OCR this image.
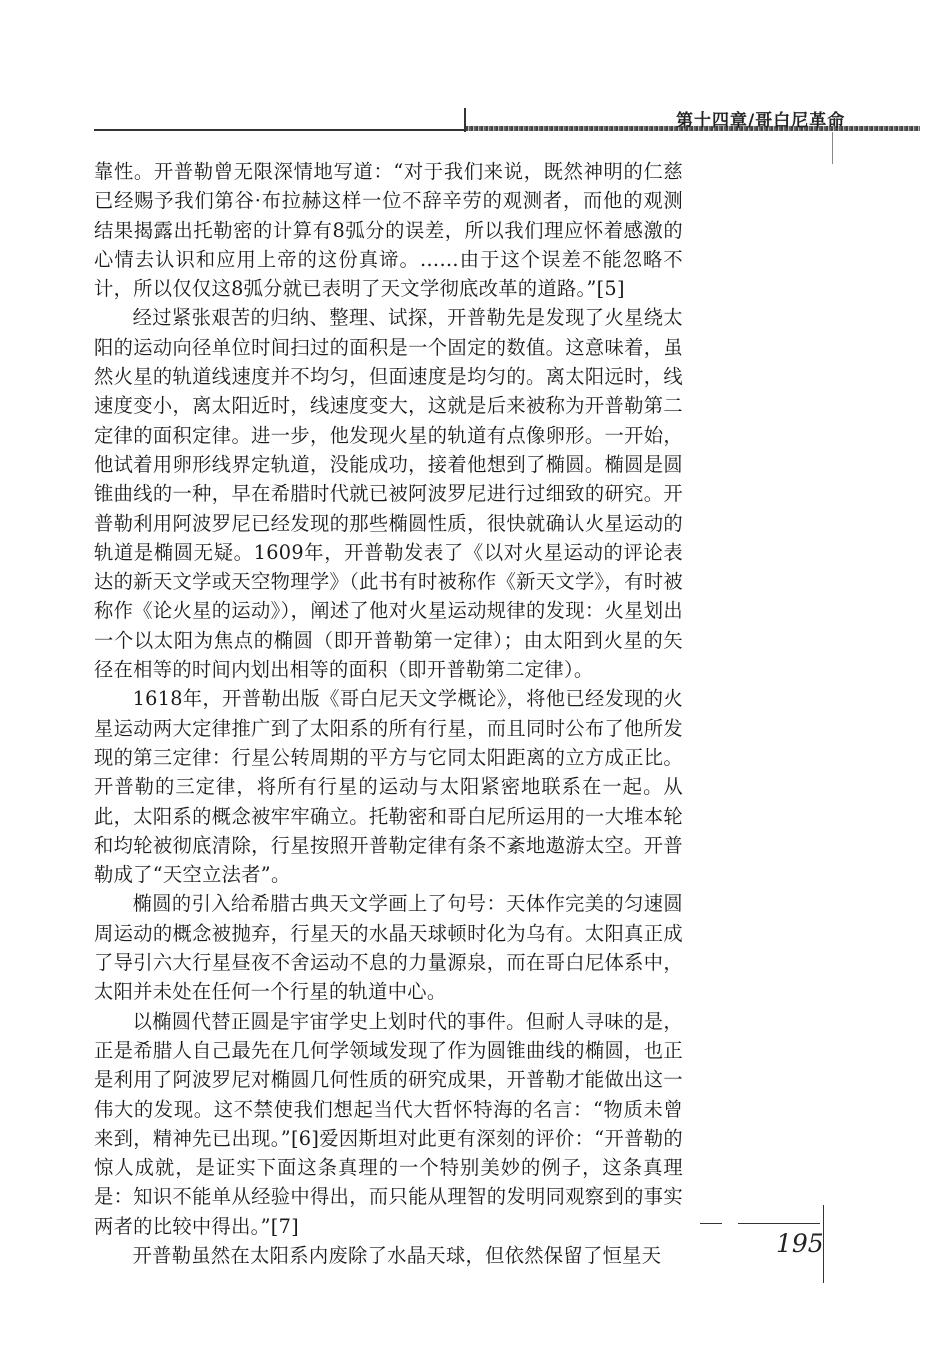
第十四章/哥白尼革命

靠性。开普勒曾无限深情地写道：“对于我们来说，既然神明的仁慈已经赐予我们第谷·布拉赫这样一位不辞辛劳的观测者，而他的观测结果揭露出托勒密的计算有8弧分的误差，所以我们理应怀着感激的心情去认识和应用上帝的这份真谛。……由于这个误差不能忽略不计，所以仅仅这8弧分就已表明了天文学彻底改革的道路。”[5]

经过紧张艰苦的归纳、整理、试探，开普勒先是发现了火星绕太阳的运动向径单位时间扫过的面积是一个固定的数值。这意味着，虽然火星的轨道线速度并不均匀，但面速度是均匀的。离太阳远时，线速度变小，离太阳近时，线速度变大，这就是后来被称为开普勒第二定律的面积定律。进一步，他发现火星的轨道有点像卵形。一开始，他试着用卵形线界定轨道，没能成功，接着他想到了椭圆。椭圆是圆锥曲线的一种，早在希腊时代就已被阿波罗尼进行过细致的研究。开普勒利用阿波罗尼已经发现的那些椭圆性质，很快就确认火星运动的轨道是椭圆无疑。1609年，开普勒发表了《以对火星运动的评论表达的新天文学或天空物理学》（此书有时被称作《新天文学》，有时被称作《论火星的运动》），阐述了他对火星运动规律的发现：火星划出一个以太阳为焦点的椭圆（即开普勒第一定律）；由太阳到火星的矢径在相等的时间内划出相等的面积（即开普勒第二定律）。

1618年，开普勒出版《哥白尼天文学概论》，将他已经发现的火星运动两大定律推广到了太阳系的所有行星，而且同时公布了他所发现的第三定律：行星公转周期的平方与它同太阳距离的立方成正比。开普勒的三定律，将所有行星的运动与太阳紧密地联系在一起。从此，太阳系的概念被牢牢确立。托勒密和哥白尼所运用的一大堆本轮和均轮被彻底清除，行星按照开普勒定律有条不紊地遨游太空。开普勒成了“天空立法者”。

椭圆的引入给希腊古典天文学画上了句号：天体作完美的匀速圆周运动的概念被抛弃，行星天的水晶天球顿时化为乌有。太阳真正成了导引六大行星昼夜不舍运动不息的力量源泉，而在哥白尼体系中，太阳并未处在任何一个行星的轨道中心。

以椭圆代替正圆是宇宙学史上划时代的事件。但耐人寻味的是，正是希腊人自己最先在几何学领域发现了作为圆锥曲线的椭圆，也正是利用了阿波罗尼对椭圆几何性质的研究成果，开普勒才能做出这一伟大的发现。这不禁使我们想起当代大哲怀特海的名言：“物质未曾来到，精神先已出现。”[6]爱因斯坦对此更有深刻的评价：“开普勒的惊人成就，是证实下面这条真理的一个特别美妙的例子，这条真理是：知识不能单从经验中得出，而只能从理智的发明同观察到的事实两者的比较中得出。”[7]

开普勒虽然在太阳系内废除了水晶天球，但依然保留了恒星天	195
